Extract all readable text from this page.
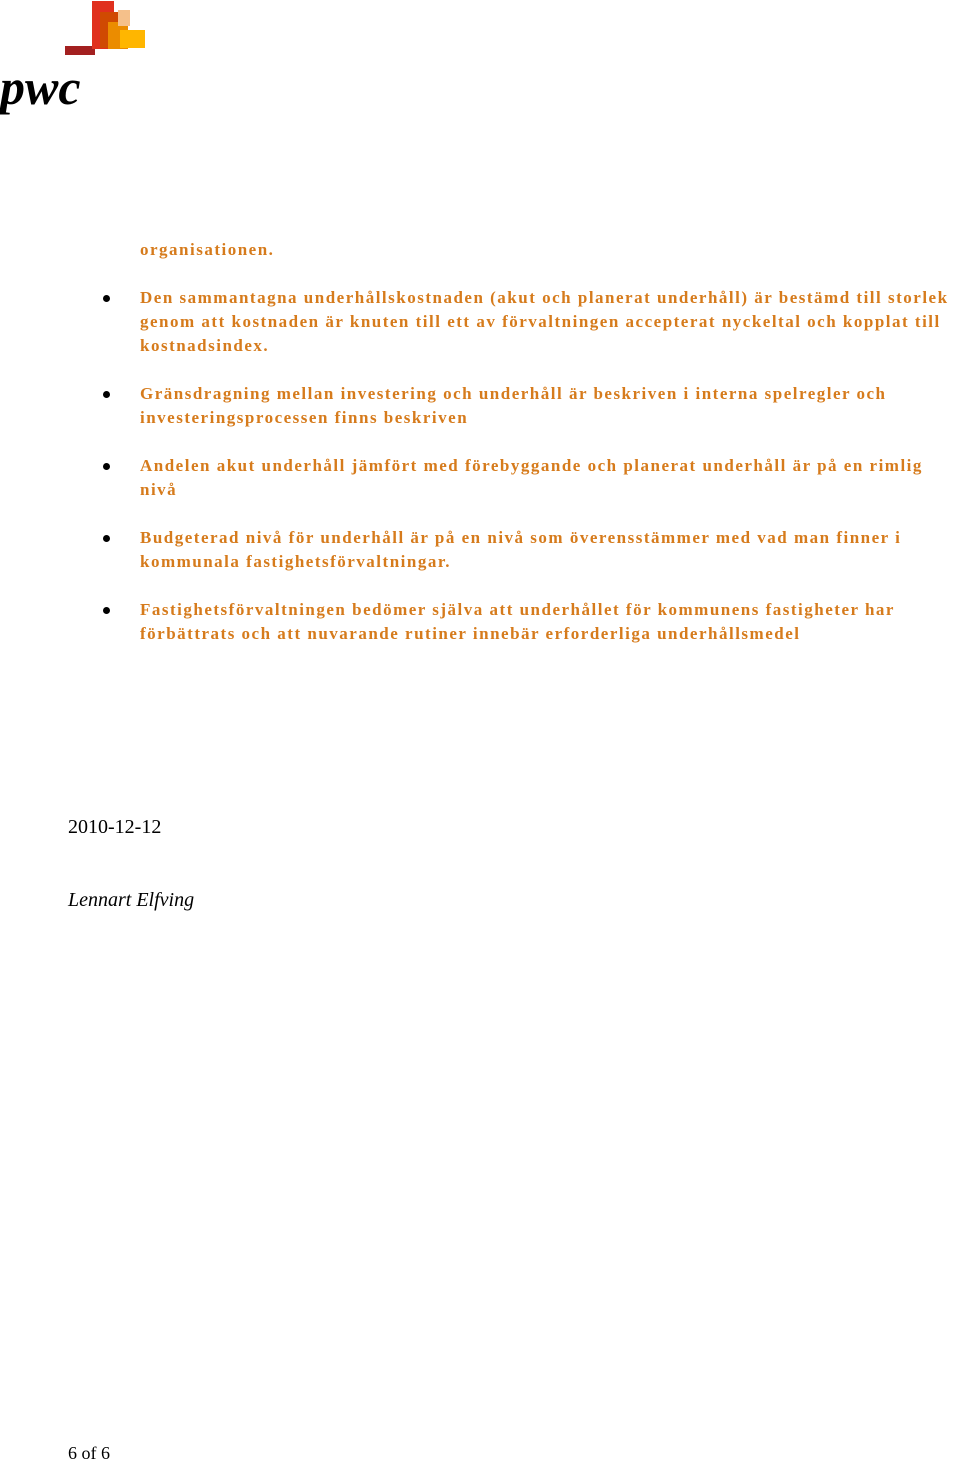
pwc

organisationen.

Den sammantagna underhållskostnaden (akut och planerat underhåll) är bestämd till storlek genom att kostnaden är knuten till ett av förvaltningen accepterat nyckeltal och kopplat till kostnadsindex.
Gränsdragning mellan investering och underhåll är beskriven i interna spelregler och investeringsprocessen finns beskriven
Andelen akut underhåll jämfört med förebyggande och planerat underhåll är på en rimlig nivå
Budgeterad nivå för underhåll är på en nivå som överensstämmer med vad man finner i kommunala fastighetsförvaltningar.
Fastighetsförvaltningen bedömer själva att underhållet för kommunens fastigheter har förbättrats och att nuvarande rutiner innebär erforderliga underhållsmedel

2010-12-12

Lennart Elfving

6 of 6
